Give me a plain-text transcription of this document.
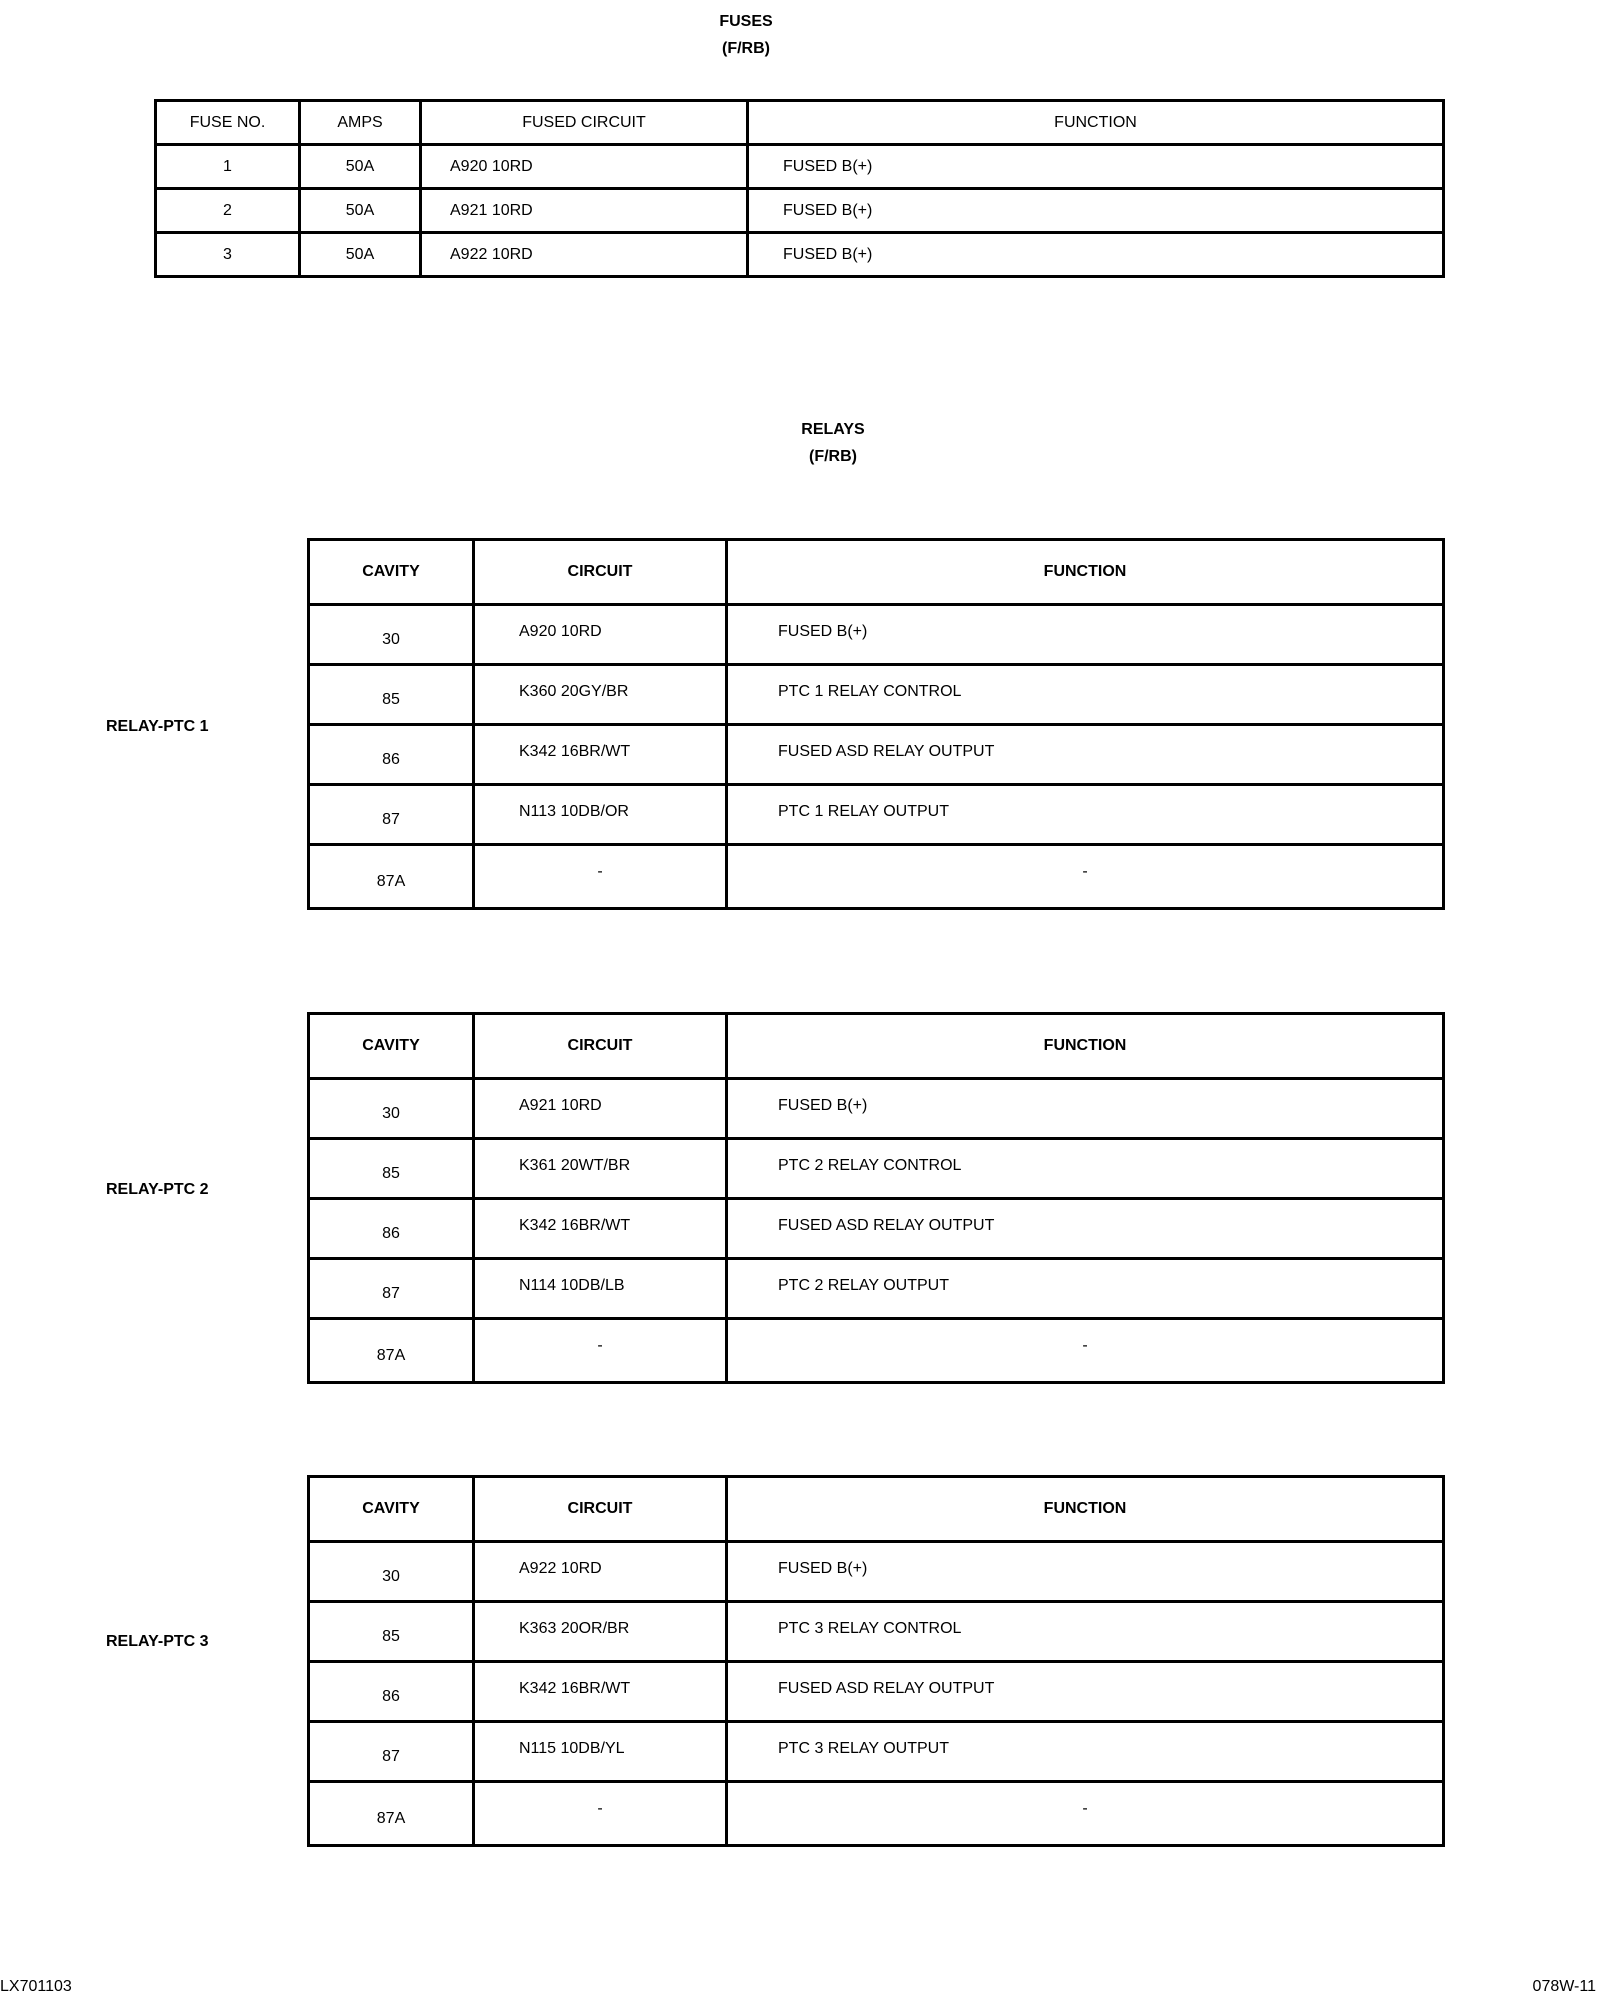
FUSES
(F/RB)
FUSE NO.	AMPS	FUSED CIRCUIT	FUNCTION
1	50A	A920 10RD	FUSED B(+)
2	50A	A921 10RD	FUSED B(+)
3	50A	A922 10RD	FUSED B(+)
RELAYS
(F/RB)
RELAY-PTC 1
CAVITY	CIRCUIT	FUNCTION
30	A920 10RD	FUSED B(+)
85	K360 20GY/BR	PTC 1 RELAY CONTROL
86	K342 16BR/WT	FUSED ASD RELAY OUTPUT
87	N113 10DB/OR	PTC 1 RELAY OUTPUT
87A	-	-
RELAY-PTC 2
CAVITY	CIRCUIT	FUNCTION
30	A921 10RD	FUSED B(+)
85	K361 20WT/BR	PTC 2 RELAY CONTROL
86	K342 16BR/WT	FUSED ASD RELAY OUTPUT
87	N114 10DB/LB	PTC 2 RELAY OUTPUT
87A	-	-
RELAY-PTC 3
CAVITY	CIRCUIT	FUNCTION
30	A922 10RD	FUSED B(+)
85	K363 20OR/BR	PTC 3 RELAY CONTROL
86	K342 16BR/WT	FUSED ASD RELAY OUTPUT
87	N115 10DB/YL	PTC 3 RELAY OUTPUT
87A	-	-
LX701103	078W-11
